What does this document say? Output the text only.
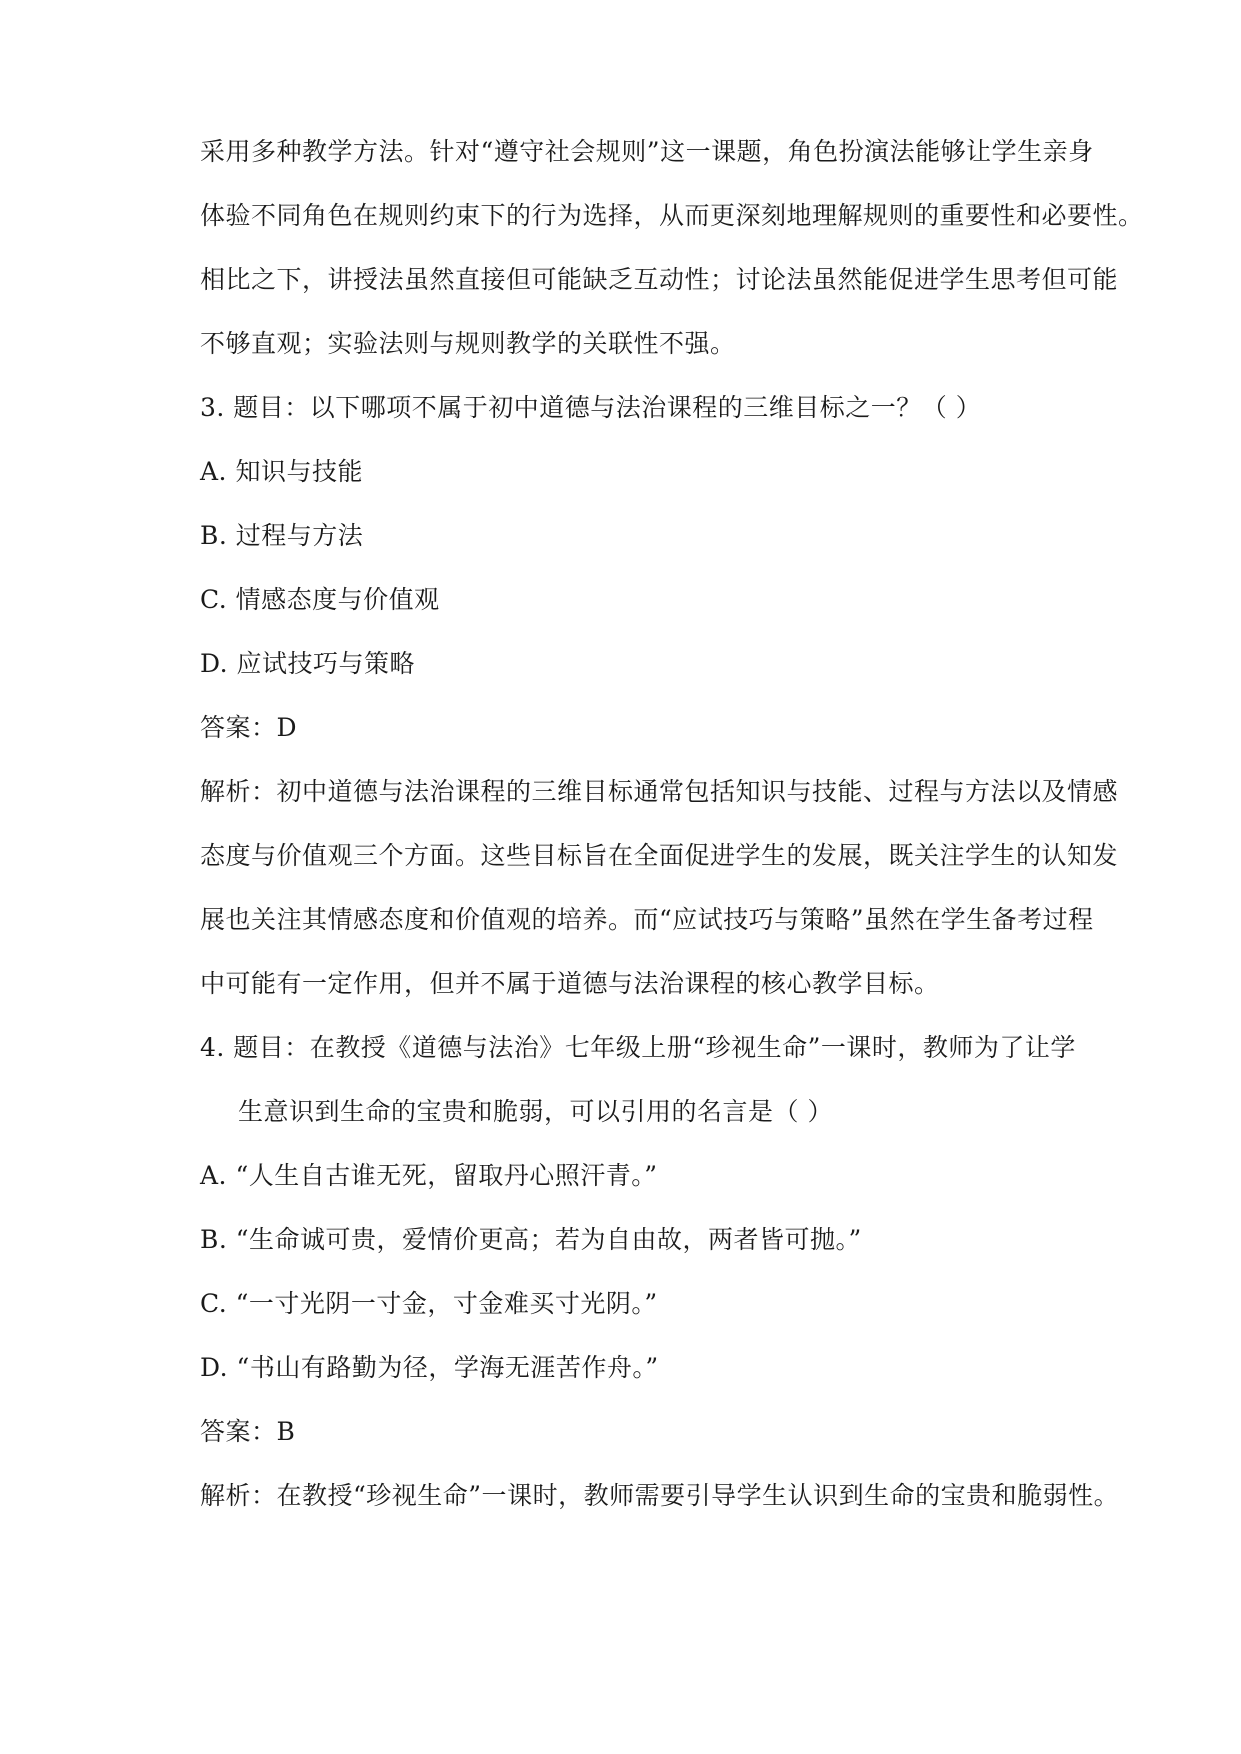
采用多种教学方法。针对“遵守社会规则”这一课题，角色扮演法能够让学生亲身
体验不同角色在规则约束下的行为选择，从而更深刻地理解规则的重要性和必要性。
相比之下，讲授法虽然直接但可能缺乏互动性；讨论法虽然能促进学生思考但可能
不够直观；实验法则与规则教学的关联性不强。
3. 题目：以下哪项不属于初中道德与法治课程的三维目标之一？（ ）
A. 知识与技能
B. 过程与方法
C. 情感态度与价值观
D. 应试技巧与策略
答案：D
解析：初中道德与法治课程的三维目标通常包括知识与技能、过程与方法以及情感
态度与价值观三个方面。这些目标旨在全面促进学生的发展，既关注学生的认知发
展也关注其情感态度和价值观的培养。而“应试技巧与策略”虽然在学生备考过程
中可能有一定作用，但并不属于道德与法治课程的核心教学目标。
4. 题目：在教授《道德与法治》七年级上册“珍视生命”一课时，教师为了让学
生意识到生命的宝贵和脆弱，可以引用的名言是（ ）
A. “人生自古谁无死，留取丹心照汗青。”
B. “生命诚可贵，爱情价更高；若为自由故，两者皆可抛。”
C. “一寸光阴一寸金，寸金难买寸光阴。”
D. “书山有路勤为径，学海无涯苦作舟。”
答案：B
解析：在教授“珍视生命”一课时，教师需要引导学生认识到生命的宝贵和脆弱性。
